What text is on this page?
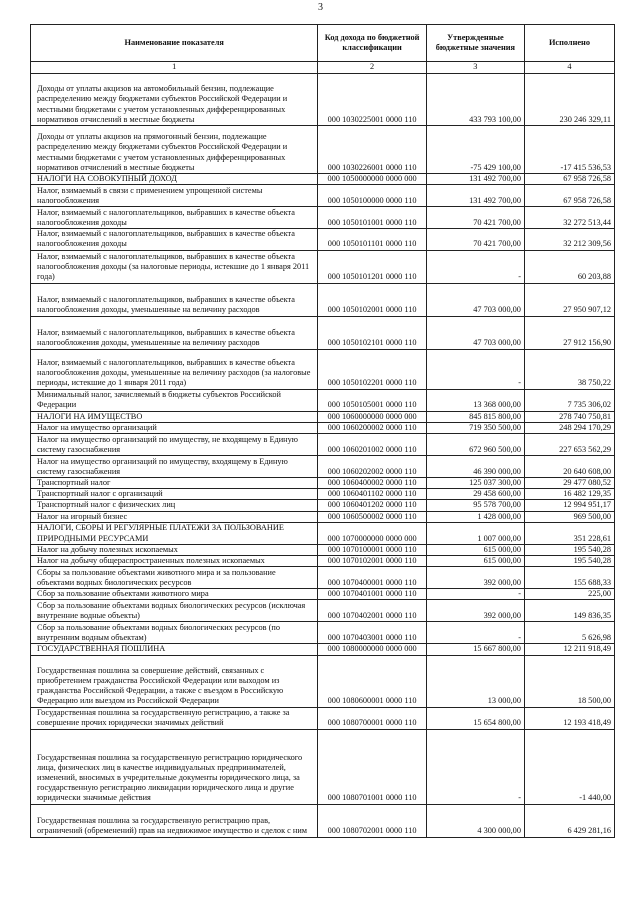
3
Наименование показателя	Код дохода по бюджетной классификации	Утвержденные бюджетные значения	Исполнено
1	2	3	4
Доходы от уплаты акцизов на автомобильный бензин, подлежащие распределению между бюджетами субъектов Российской Федерации и местными бюджетами с учетом установленных дифференцированных нормативов отчислений в местные бюджеты	000 1030225001 0000 110	433 793 100,00	230 246 329,11
Доходы от уплаты акцизов на прямогонный бензин, подлежащие распределению между бюджетами субъектов Российской Федерации и местными бюджетами с учетом установленных дифференцированных нормативов отчислений в местные бюджеты	000 1030226001 0000 110	-75 429 100,00	-17 415 536,53
НАЛОГИ НА СОВОКУПНЫЙ ДОХОД	000 1050000000 0000 000	131 492 700,00	67 958 726,58
Налог, взимаемый в связи с применением упрощенной системы налогообложения	000 1050100000 0000 110	131 492 700,00	67 958 726,58
Налог, взимаемый с налогоплательщиков, выбравших в качестве объекта налогообложения доходы	000 1050101001 0000 110	70 421 700,00	32 272 513,44
Налог, взимаемый с налогоплательщиков, выбравших в качестве объекта налогообложения доходы	000 1050101101 0000 110	70 421 700,00	32 212 309,56
Налог, взимаемый с налогоплательщиков, выбравших в качестве объекта налогообложения доходы (за налоговые периоды, истекшие до 1 января 2011 года)	000 1050101201 0000 110	-	60 203,88
Налог, взимаемый с налогоплательщиков, выбравших в качестве объекта налогообложения доходы, уменьшенные на величину расходов	000 1050102001 0000 110	47 703 000,00	27 950 907,12
Налог, взимаемый с налогоплательщиков, выбравших в качестве объекта налогообложения доходы, уменьшенные на величину расходов	000 1050102101 0000 110	47 703 000,00	27 912 156,90
Налог, взимаемый с налогоплательщиков, выбравших в качестве объекта налогообложения доходы, уменьшенные на величину расходов (за налоговые периоды, истекшие до 1 января 2011 года)	000 1050102201 0000 110	-	38 750,22
Минимальный налог, зачисляемый в бюджеты субъектов Российской Федерации	000 1050105001 0000 110	13 368 000,00	7 735 306,02
НАЛОГИ НА ИМУЩЕСТВО	000 1060000000 0000 000	845 815 800,00	278 740 750,81
Налог на имущество организаций	000 1060200002 0000 110	719 350 500,00	248 294 170,29
Налог на имущество организаций по имуществу, не входящему в Единую систему газоснабжения	000 1060201002 0000 110	672 960 500,00	227 653 562,29
Налог на имущество организаций по имуществу, входящему в Единую систему газоснабжения	000 1060202002 0000 110	46 390 000,00	20 640 608,00
Транспортный налог	000 1060400002 0000 110	125 037 300,00	29 477 080,52
Транспортный налог с организаций	000 1060401102 0000 110	29 458 600,00	16 482 129,35
Транспортный налог с физических лиц	000 1060401202 0000 110	95 578 700,00	12 994 951,17
Налог на игорный бизнес	000 1060500002 0000 110	1 428 000,00	969 500,00
НАЛОГИ, СБОРЫ И РЕГУЛЯРНЫЕ ПЛАТЕЖИ ЗА ПОЛЬЗОВАНИЕ ПРИРОДНЫМИ РЕСУРСАМИ	000 1070000000 0000 000	1 007 000,00	351 228,61
Налог на добычу полезных ископаемых	000 1070100001 0000 110	615 000,00	195 540,28
Налог на добычу общераспространенных полезных ископаемых	000 1070102001 0000 110	615 000,00	195 540,28
Сборы за пользование объектами животного мира и за пользование объектами водных биологических ресурсов	000 1070400001 0000 110	392 000,00	155 688,33
Сбор за пользование объектами животного мира	000 1070401001 0000 110	-	225,00
Сбор за пользование объектами водных биологических ресурсов (исключая внутренние водные объекты)	000 1070402001 0000 110	392 000,00	149 836,35
Сбор за пользование объектами водных биологических ресурсов (по внутренним водным объектам)	000 1070403001 0000 110	-	5 626,98
ГОСУДАРСТВЕННАЯ ПОШЛИНА	000 1080000000 0000 000	15 667 800,00	12 211 918,49
Государственная пошлина за совершение действий, связанных с приобретением гражданства Российской Федерации или выходом из гражданства Российской Федерации, а также с въездом в Российскую Федерацию или выездом из Российской Федерации	000 1080600001 0000 110	13 000,00	18 500,00
Государственная пошлина за государственную регистрацию, а также за совершение прочих юридически значимых действий	000 1080700001 0000 110	15 654 800,00	12 193 418,49
Государственная пошлина за государственную регистрацию юридического лица, физических лиц в качестве индивидуальных предпринимателей, изменений, вносимых в учредительные документы юридического лица, за государственную регистрацию ликвидации юридического лица и другие юридически значимые действия	000 1080701001 0000 110	-	-1 440,00
Государственная пошлина за государственную регистрацию прав, ограничений (обременений) прав на недвижимое имущество и сделок с ним	000 1080702001 0000 110	4 300 000,00	6 429 281,16
